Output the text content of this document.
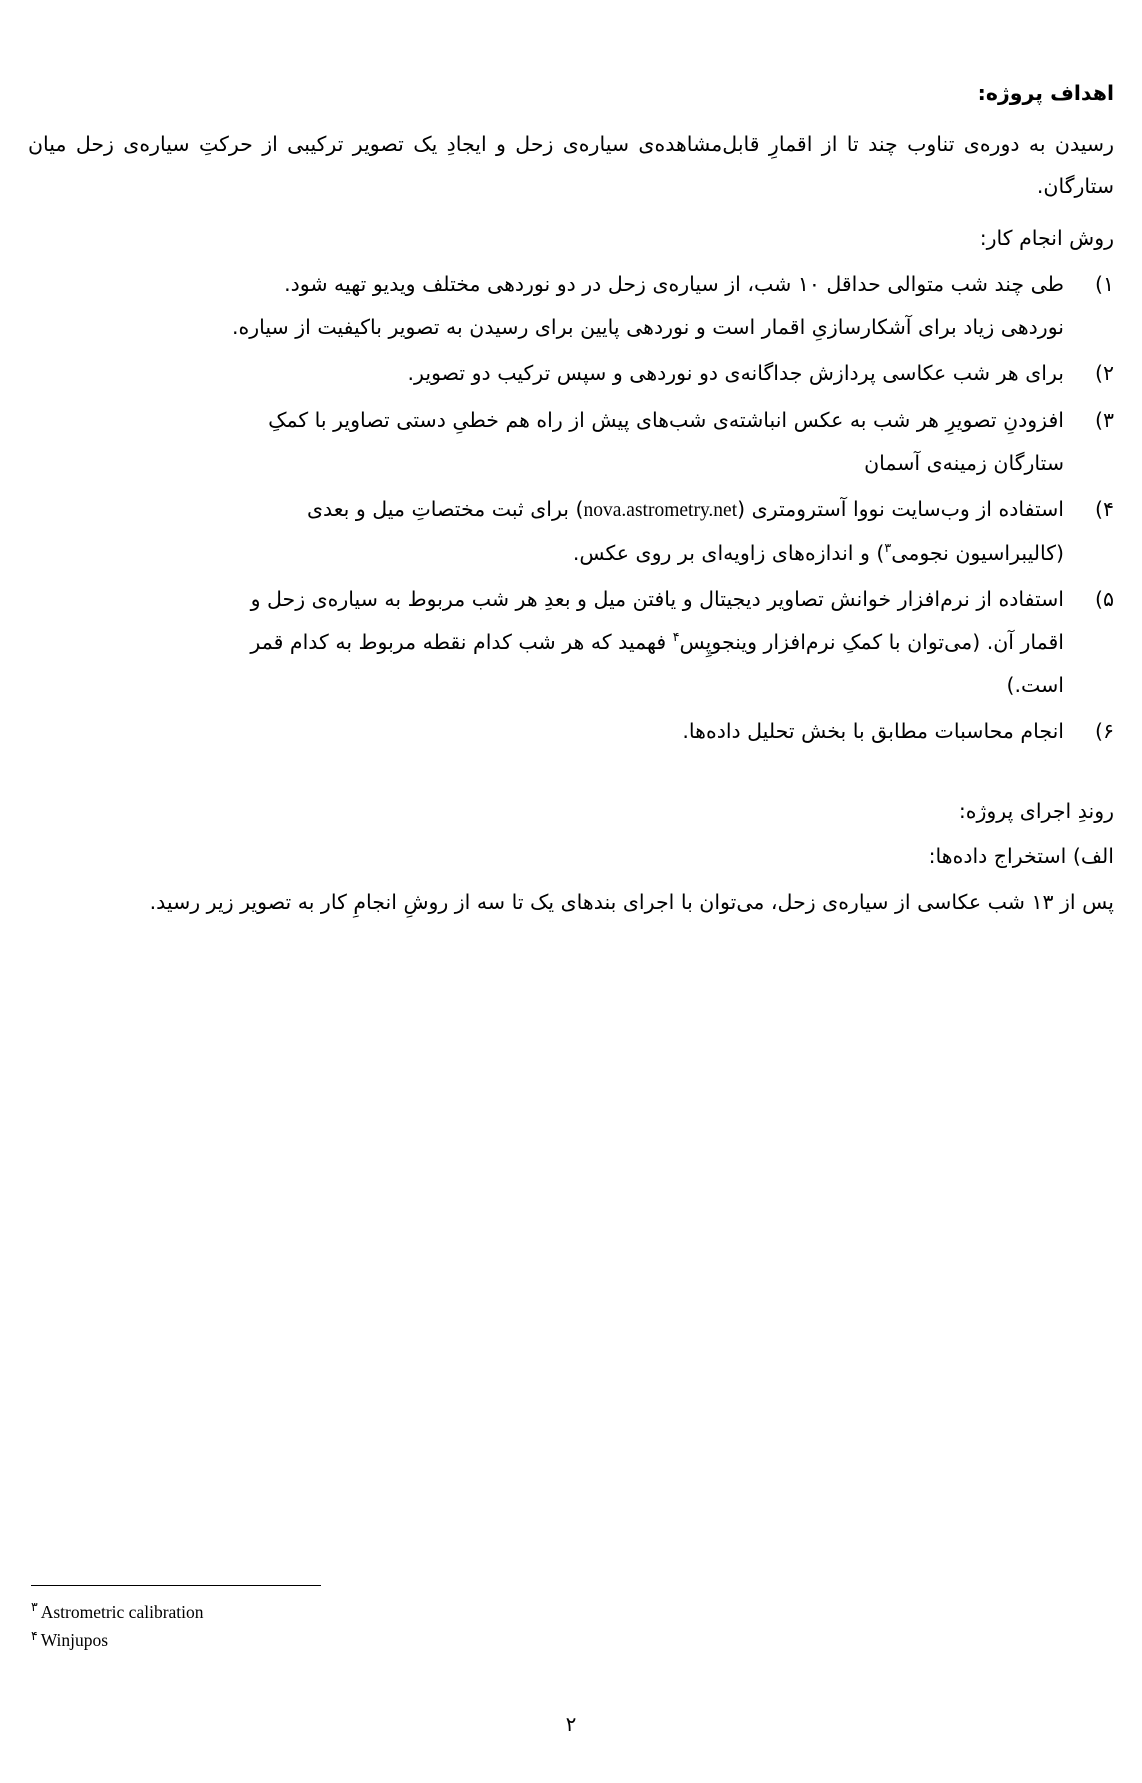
اهداف پروژه:

رسیدن به دوره‌ی تناوب چند تا از اقمارِ قابل‌مشاهده‌ی سیاره‌ی زحل و ایجادِ یک تصویر ترکیبی از حرکتِ سیاره‌ی زحل میان ستارگان.

روش انجام کار:

۱)
طی چند شب متوالی حداقل ۱۰ شب، از سیاره‌ی زحل در دو نوردهی مختلف ویدیو تهیه شود.
نوردهی زیاد برای آشکارسازیِ اقمار است و نوردهی پایین برای رسیدن به تصویر باکیفیت از سیاره.
۲)
برای هر شب عکاسی پردازش جداگانه‌ی دو نوردهی و سپس ترکیب دو تصویر.
۳)
افزودنِ تصویرِ هر شب به عکس انباشته‌ی شب‌های پیش از راه هم خطیِ دستی تصاویر با کمکِ
ستارگان زمینه‌ی آسمان
۴)
استفاده از وب‌سایت نووا آسترومتری (nova.astrometry.net) برای ثبت مختصاتِ میل و بعدی
(کالیبراسیون نجومی$^۳$) و اندازه‌های زاویه‌ای بر روی عکس.
۵)
استفاده از نرم‌افزار خوانش تصاویر دیجیتال و یافتن میل و بعدِ هر شب مربوط به سیاره‌ی زحل و
اقمار آن. (می‌توان با کمکِ نرم‌افزار وینجوپِس$^۴$ فهمید که هر شب کدام نقطه مربوط به کدام قمر
است.)
۶)
انجام محاسبات مطابق با بخش تحلیل داده‌ها.

روندِ اجرای پروژه:

الف) استخراج داده‌ها:

پس از ۱۳ شب عکاسی از سیاره‌ی زحل، می‌توان با اجرای بندهای یک تا سه از روشِ انجامِ کار به تصویر زیر رسید.

$^۳$ Astrometric calibration

$^۴$ Winjupos

۲
